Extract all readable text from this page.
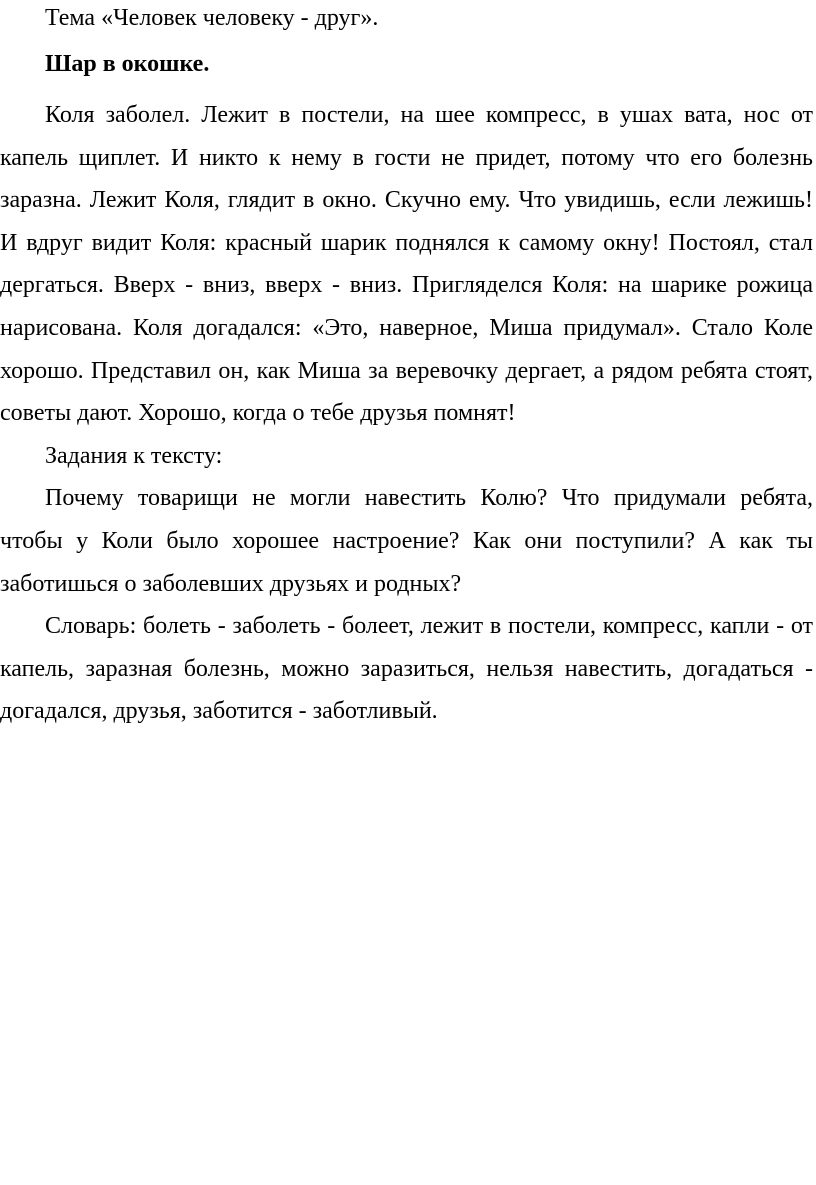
Тема «Человек человеку - друг».

Шар в окошке.

Коля заболел. Лежит в постели, на шее компресс, в ушах вата, нос от капель щиплет. И никто к нему в гости не придет, потому что его болезнь заразна. Лежит Коля, глядит в окно. Скучно ему. Что увидишь, если лежишь! И вдруг видит Коля: красный шарик поднялся к самому окну! Постоял, стал дергаться. Вверх - вниз, вверх - вниз. Пригляделся Коля: на шарике рожица нарисована. Коля догадался: «Это, наверное, Миша придумал». Стало Коле хорошо. Представил он, как Миша за веревочку дергает, а рядом ребята стоят, советы дают. Хорошо, когда о тебе друзья помнят!

Задания к тексту:

Почему товарищи не могли навестить Колю? Что придумали ребята, чтобы у Коли было хорошее настроение? Как они поступили? А как ты заботишься о заболевших друзьях и родных?

Словарь: болеть - заболеть - болеет, лежит в постели, компресс, капли - от капель, заразная болезнь, можно заразиться, нельзя навестить, догадаться - догадался, друзья, заботится - заботливый.
